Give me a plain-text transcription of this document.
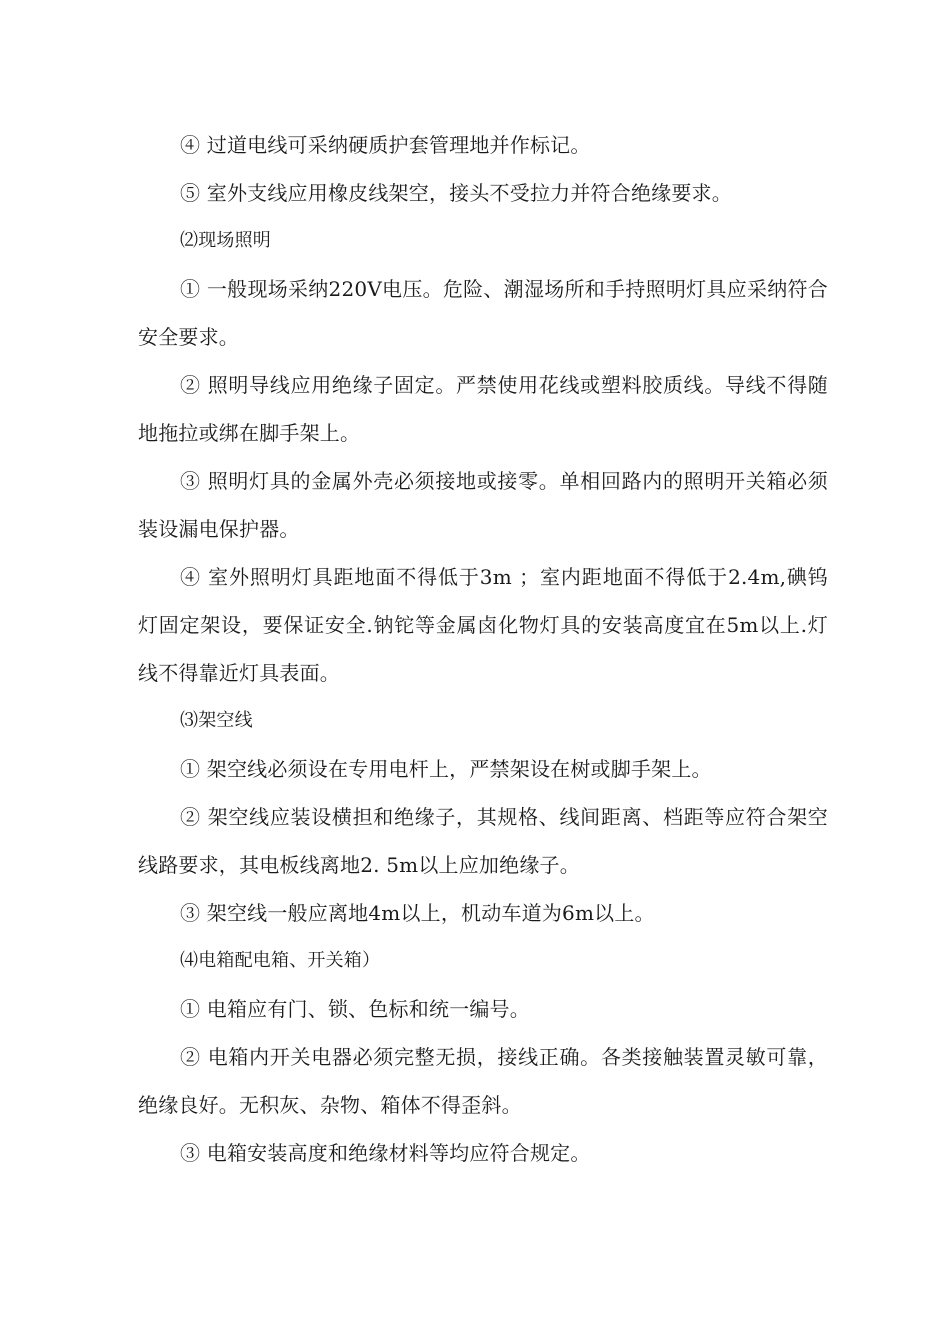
④ 过道电线可采纳硬质护套管理地并作标记。

⑤ 室外支线应用橡皮线架空，接头不受拉力并符合绝缘要求。

⑵现场照明

① 一般现场采纳220V电压。危险、潮湿场所和手持照明灯具应采纳符合安全要求。

② 照明导线应用绝缘子固定。严禁使用花线或塑料胶质线。导线不得随地拖拉或绑在脚手架上。

③ 照明灯具的金属外壳必须接地或接零。单相回路内的照明开关箱必须装设漏电保护器。

④ 室外照明灯具距地面不得低于3m ；室内距地面不得低于2.4m,碘钨灯固定架设，要保证安全.钠铊等金属卤化物灯具的安装高度宜在5m以上.灯线不得靠近灯具表面。

⑶架空线

① 架空线必须设在专用电杆上，严禁架设在树或脚手架上。

② 架空线应装设横担和绝缘子，其规格、线间距离、档距等应符合架空线路要求，其电板线离地2. 5m以上应加绝缘子。

③ 架空线一般应离地4m以上，机动车道为6m以上。

⑷电箱配电箱、开关箱）

① 电箱应有门、锁、色标和统一编号。

② 电箱内开关电器必须完整无损，接线正确。各类接触装置灵敏可靠，绝缘良好。无积灰、杂物、箱体不得歪斜。

③ 电箱安装高度和绝缘材料等均应符合规定。
